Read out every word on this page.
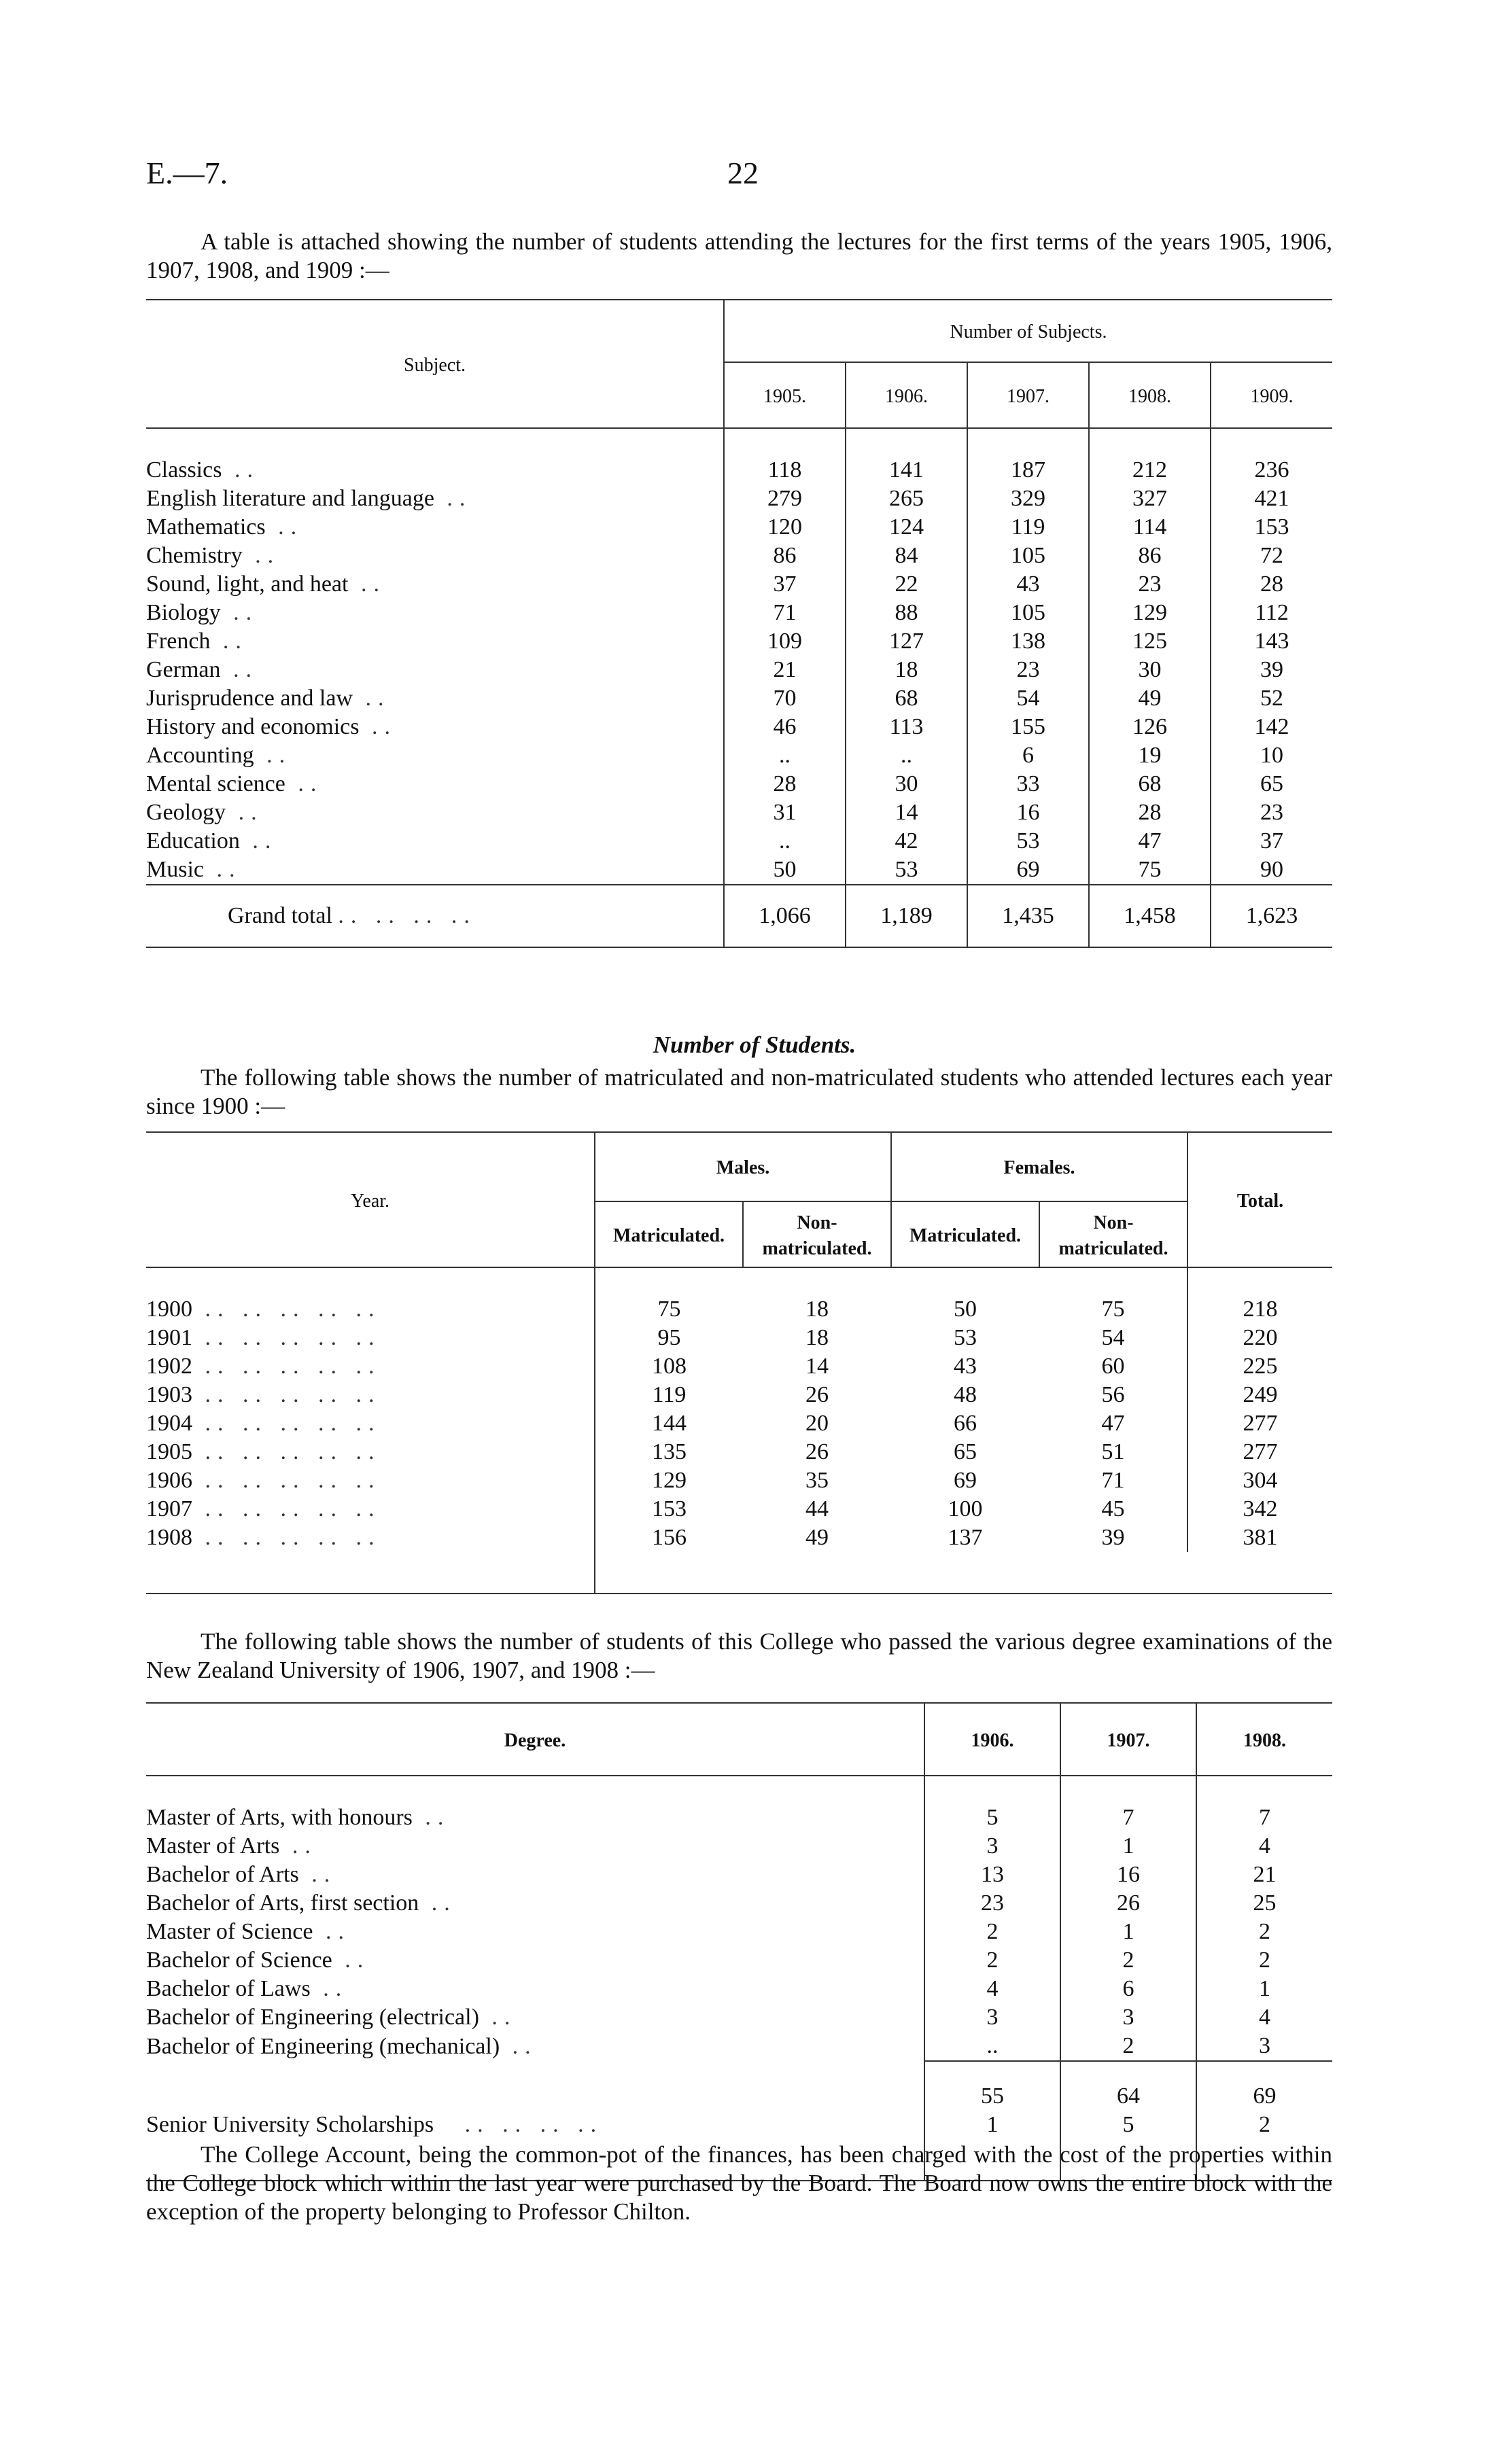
E.—7.	22
A table is attached showing the number of students attending the lectures for the first terms of the years 1905, 1906, 1907, 1908, and 1909 :—
Subject.	Number of Subjects.				
	1905.	1906.	1907.	1908.	1909.
Classics ..	118	141	187	212	236
English literature and language ..	279	265	329	327	421
Mathematics ..	120	124	119	114	153
Chemistry ..	86	84	105	86	72
Sound, light, and heat ..	37	22	43	23	28
Biology ..	71	88	105	129	112
French ..	109	127	138	125	143
German ..	21	18	23	30	39
Jurisprudence and law ..	70	68	54	49	52
History and economics ..	46	113	155	126	142
Accounting ..	..	..	6	19	10
Mental science ..	28	30	33	68	65
Geology ..	31	14	16	28	23
Education ..	..	42	53	47	37
Music ..	50	53	69	75	90
Grand total .. .. .. ..	1,066	1,189	1,435	1,458	1,623
Number of Students.
The following table shows the number of matriculated and non-matriculated students who attended lectures each year since 1900 :—
Year.	Males.		Females.		Total.
	Matriculated.	Non-matriculated.	Matriculated.	Non-matriculated.	
1900 .. .. .. .. ..	75	18	50	75	218
1901 .. .. .. .. ..	95	18	53	54	220
1902 .. .. .. .. ..	108	14	43	60	225
1903 .. .. .. .. ..	119	26	48	56	249
1904 .. .. .. .. ..	144	20	66	47	277
1905 .. .. .. .. ..	135	26	65	51	277
1906 .. .. .. .. ..	129	35	69	71	304
1907 .. .. .. .. ..	153	44	100	45	342
1908 .. .. .. .. ..	156	49	137	39	381

The following table shows the number of students of this College who passed the various degree examinations of the New Zealand University of 1906, 1907, and 1908 :—
Degree.	1906.	1907.	1908.
Master of Arts, with honours ..	5	7	7
Master of Arts ..	3	1	4
Bachelor of Arts ..	13	16	21
Bachelor of Arts, first section ..	23	26	25
Master of Science ..	2	1	2
Bachelor of Science ..	2	2	2
Bachelor of Laws ..	4	6	1
Bachelor of Engineering (electrical) ..	3	3	4
Bachelor of Engineering (mechanical) ..	..	2	3
	55	64	69
Senior University Scholarships   .. .. .. ..	1	5	2

The College Account, being the common-pot of the finances, has been charged with the cost of the properties within the College block which within the last year were purchased by the Board. The Board now owns the entire block with the exception of the property belonging to Professor Chilton.
